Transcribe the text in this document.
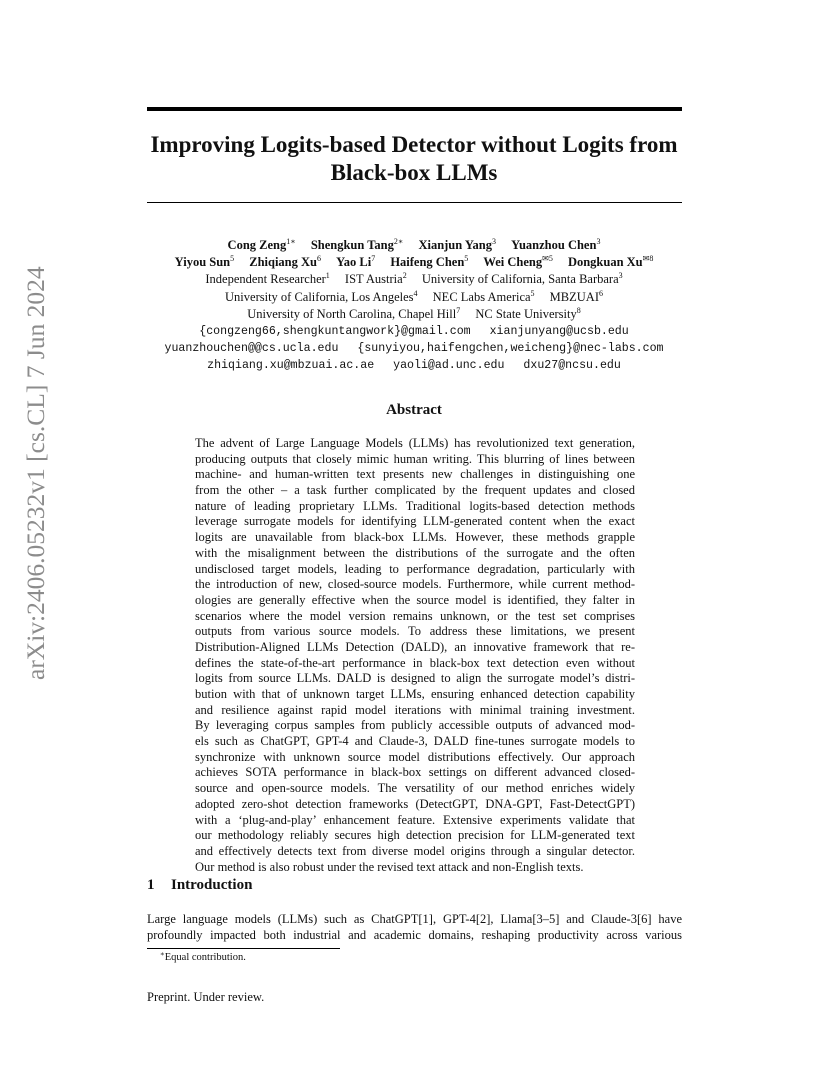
Improving Logits-based Detector without Logits from
Black-box LLMs
arXiv:2406.05232v1 [cs.CL] 7 Jun 2024
Cong Zeng$^{1∗}$ Shengkun Tang$^{2∗}$ Xianjun Yang$^3$ Yuanzhou Chen$^3$
Yiyou Sun$^5$ Zhiqiang Xu$^6$ Yao Li$^7$ Haifeng Chen$^5$ Wei Cheng$^{✉5}$ Dongkuan $Xu^{✉8}$
Independent Researcher$^1$ IST Austria$^2$ University of California, Santa Barbara$^3$
University of California, Los Angeles$^4$ NEC Labs America$^5$ MBZUAI$^6$
University of North Carolina, Chapel Hill$^7$ NC State University$^8$
{congzeng66,shengkuntangwork}@gmail.com xianjunyang@ucsb.edu
yuanzhouchen@@cs.ucla.edu {sunyiyou,haifengchen,weicheng}@nec-labs.com
zhiqiang.xu@mbzuai.ac.ae yaoli@ad.unc.edu dxu27@ncsu.edu
Abstract
The advent of Large Language Models (LLMs) has revolutionized text generation,
producing outputs that closely mimic human writing. This blurring of lines between
machine- and human-written text presents new challenges in distinguishing one
from the other – a task further complicated by the frequent updates and closed
nature of leading proprietary LLMs. Traditional logits-based detection methods
leverage surrogate models for identifying LLM-generated content when the exact
logits are unavailable from black-box LLMs. However, these methods grapple
with the misalignment between the distributions of the surrogate and the often
undisclosed target models, leading to performance degradation, particularly with
the introduction of new, closed-source models. Furthermore, while current method-
ologies are generally effective when the source model is identified, they falter in
scenarios where the model version remains unknown, or the test set comprises
outputs from various source models. To address these limitations, we present
Distribution-Aligned LLMs Detection (DALD), an innovative framework that re-
defines the state-of-the-art performance in black-box text detection even without
logits from source LLMs. DALD is designed to align the surrogate model’s distri-
bution with that of unknown target LLMs, ensuring enhanced detection capability
and resilience against rapid model iterations with minimal training investment.
By leveraging corpus samples from publicly accessible outputs of advanced mod-
els such as ChatGPT, GPT-4 and Claude-3, DALD fine-tunes surrogate models to
synchronize with unknown source model distributions effectively. Our approach
achieves SOTA performance in black-box settings on different advanced closed-
source and open-source models. The versatility of our method enriches widely
adopted zero-shot detection frameworks (DetectGPT, DNA-GPT, Fast-DetectGPT)
with a ‘plug-and-play’ enhancement feature. Extensive experiments validate that
our methodology reliably secures high detection precision for LLM-generated text
and effectively detects text from diverse model origins through a singular detector.
Our method is also robust under the revised text attack and non-English texts.
1 Introduction
Large language models (LLMs) such as ChatGPT[1], GPT-4[2], Llama[3–5] and Claude-3[6] have
profoundly impacted both industrial and academic domains, reshaping productivity across various
∗Equal contribution.
Preprint. Under review.
